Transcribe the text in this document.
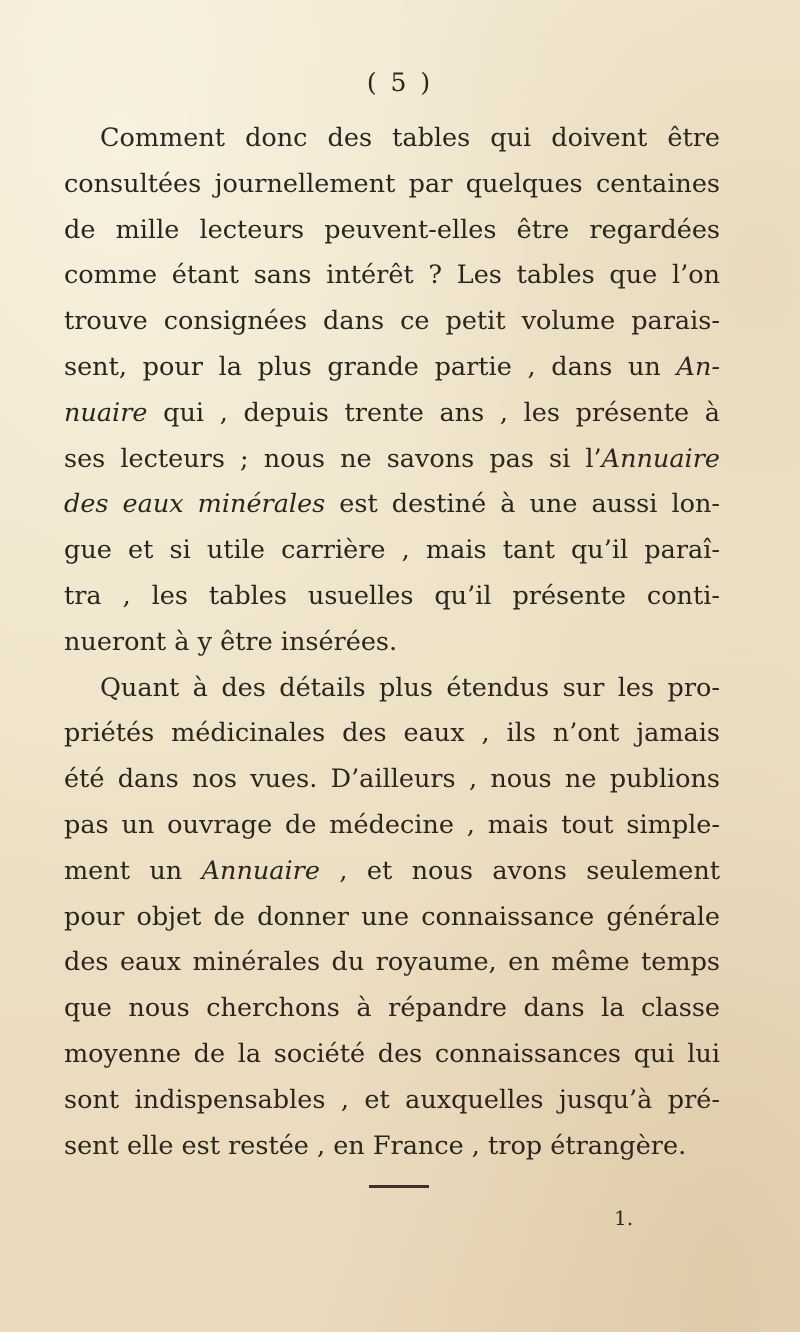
( 5 )
Comment donc des tables qui doivent être
consultées journellement par quelques centaines
de mille lecteurs peuvent-elles être regardées
comme étant sans intérêt ? Les tables que l’on
trouve consignées dans ce petit volume parais-
sent, pour la plus grande partie , dans un An-
nuaire qui , depuis trente ans , les présente à
ses lecteurs ; nous ne savons pas si l’Annuaire
des eaux minérales est destiné à une aussi lon-
gue et si utile carrière , mais tant qu’il paraî-
tra , les tables usuelles qu’il présente conti-
nueront à y être insérées.
Quant à des détails plus étendus sur les pro-
priétés médicinales des eaux , ils n’ont jamais
été dans nos vues. D’ailleurs , nous ne publions
pas un ouvrage de médecine , mais tout simple-
ment un Annuaire , et nous avons seulement
pour objet de donner une connaissance générale
des eaux minérales du royaume, en même temps
que nous cherchons à répandre dans la classe
moyenne de la société des connaissances qui lui
sont indispensables , et auxquelles jusqu’à pré-
sent elle est restée , en France , trop étrangère.
1.
